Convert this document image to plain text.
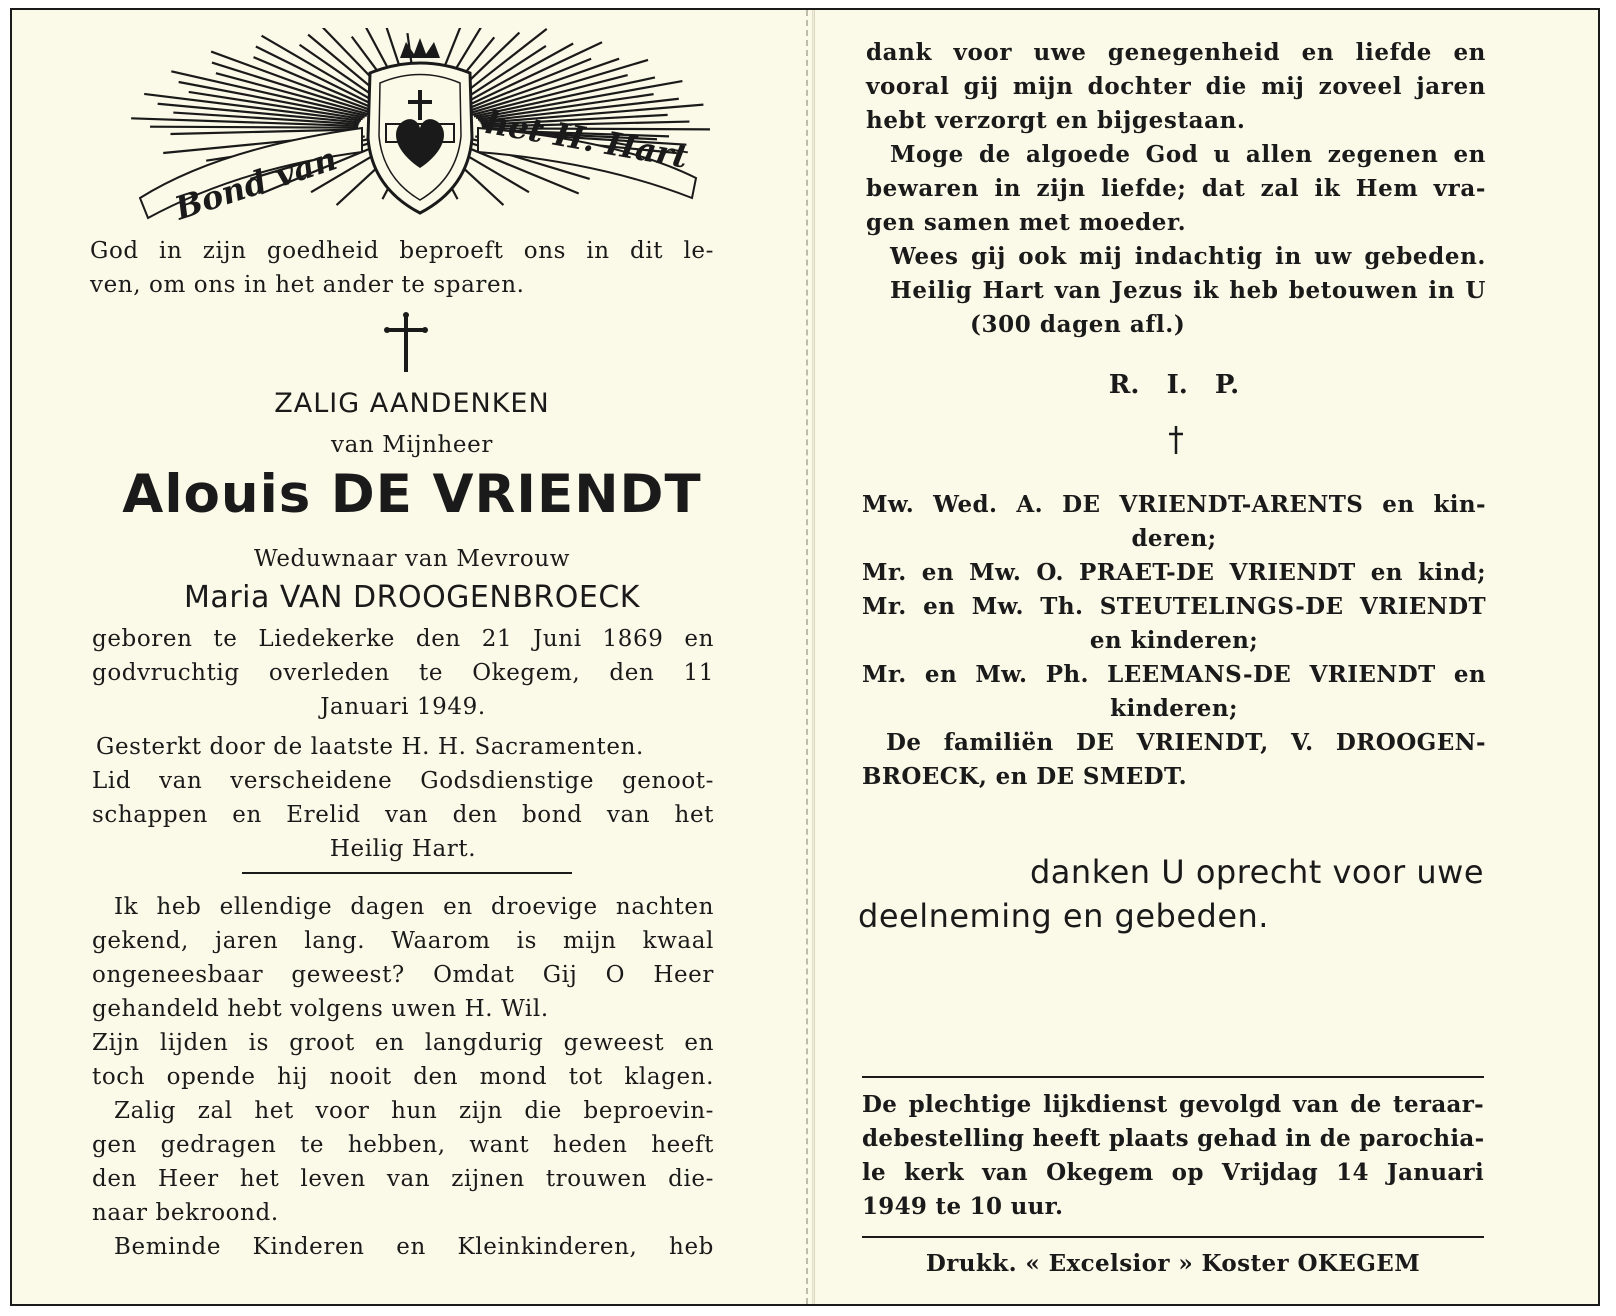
Bond van
het H. Hart

God in zijn goedheid beproeft ons in dit le-

ven, om ons in het ander te sparen.

ZALIG AANDENKEN
van Mijnheer
Alouis DE VRIENDT
Weduwnaar van Mevrouw
Maria VAN DROOGENBROECK

geboren te Liedekerke den 21 Juni 1869 en

godvruchtig overleden te Okegem, den 11

Januari 1949.

Gesterkt door de laatste H. H. Sacramenten.

Lid van verscheidene Godsdienstige genoot-

schappen en Erelid van den bond van het

Heilig Hart.

Ik heb ellendige dagen en droevige nachten

gekend, jaren lang. Waarom is mijn kwaal

ongeneesbaar geweest? Omdat Gij O Heer

gehandeld hebt volgens uwen H. Wil.

Zijn lijden is groot en langdurig geweest en

toch opende hij nooit den mond tot klagen.

Zalig zal het voor hun zijn die beproevin-

gen gedragen te hebben, want heden heeft

den Heer het leven van zijnen trouwen die-

naar bekroond.

Beminde Kinderen en Kleinkinderen, heb

dank voor uwe genegenheid en liefde en

vooral gij mijn dochter die mij zoveel jaren

hebt verzorgt en bijgestaan.

Moge de algoede God u allen zegenen en

bewaren in zijn liefde; dat zal ik Hem vra-

gen samen met moeder.

Wees gij ook mij indachtig in uw gebeden.

Heilig Hart van Jezus ik heb betouwen in U

(300 dagen afl.)

R.   I.   P.

Mw. Wed. A. DE VRIENDT-ARENTS en kin-

deren;

Mr. en Mw. O. PRAET-DE VRIENDT en kind;

Mr. en Mw. Th. STEUTELINGS-DE VRIENDT

en kinderen;

Mr. en Mw. Ph. LEEMANS-DE VRIENDT en

kinderen;

De familiën DE VRIENDT, V. DROOGEN-

BROECK, en DE SMEDT.

danken U oprecht voor uwe

deelneming en gebeden.

De plechtige lijkdienst gevolgd van de teraar-

debestelling heeft plaats gehad in de parochia-

le kerk van Okegem op Vrijdag 14 Januari

1949 te 10 uur.

Drukk. « Excelsior » Koster OKEGEM
